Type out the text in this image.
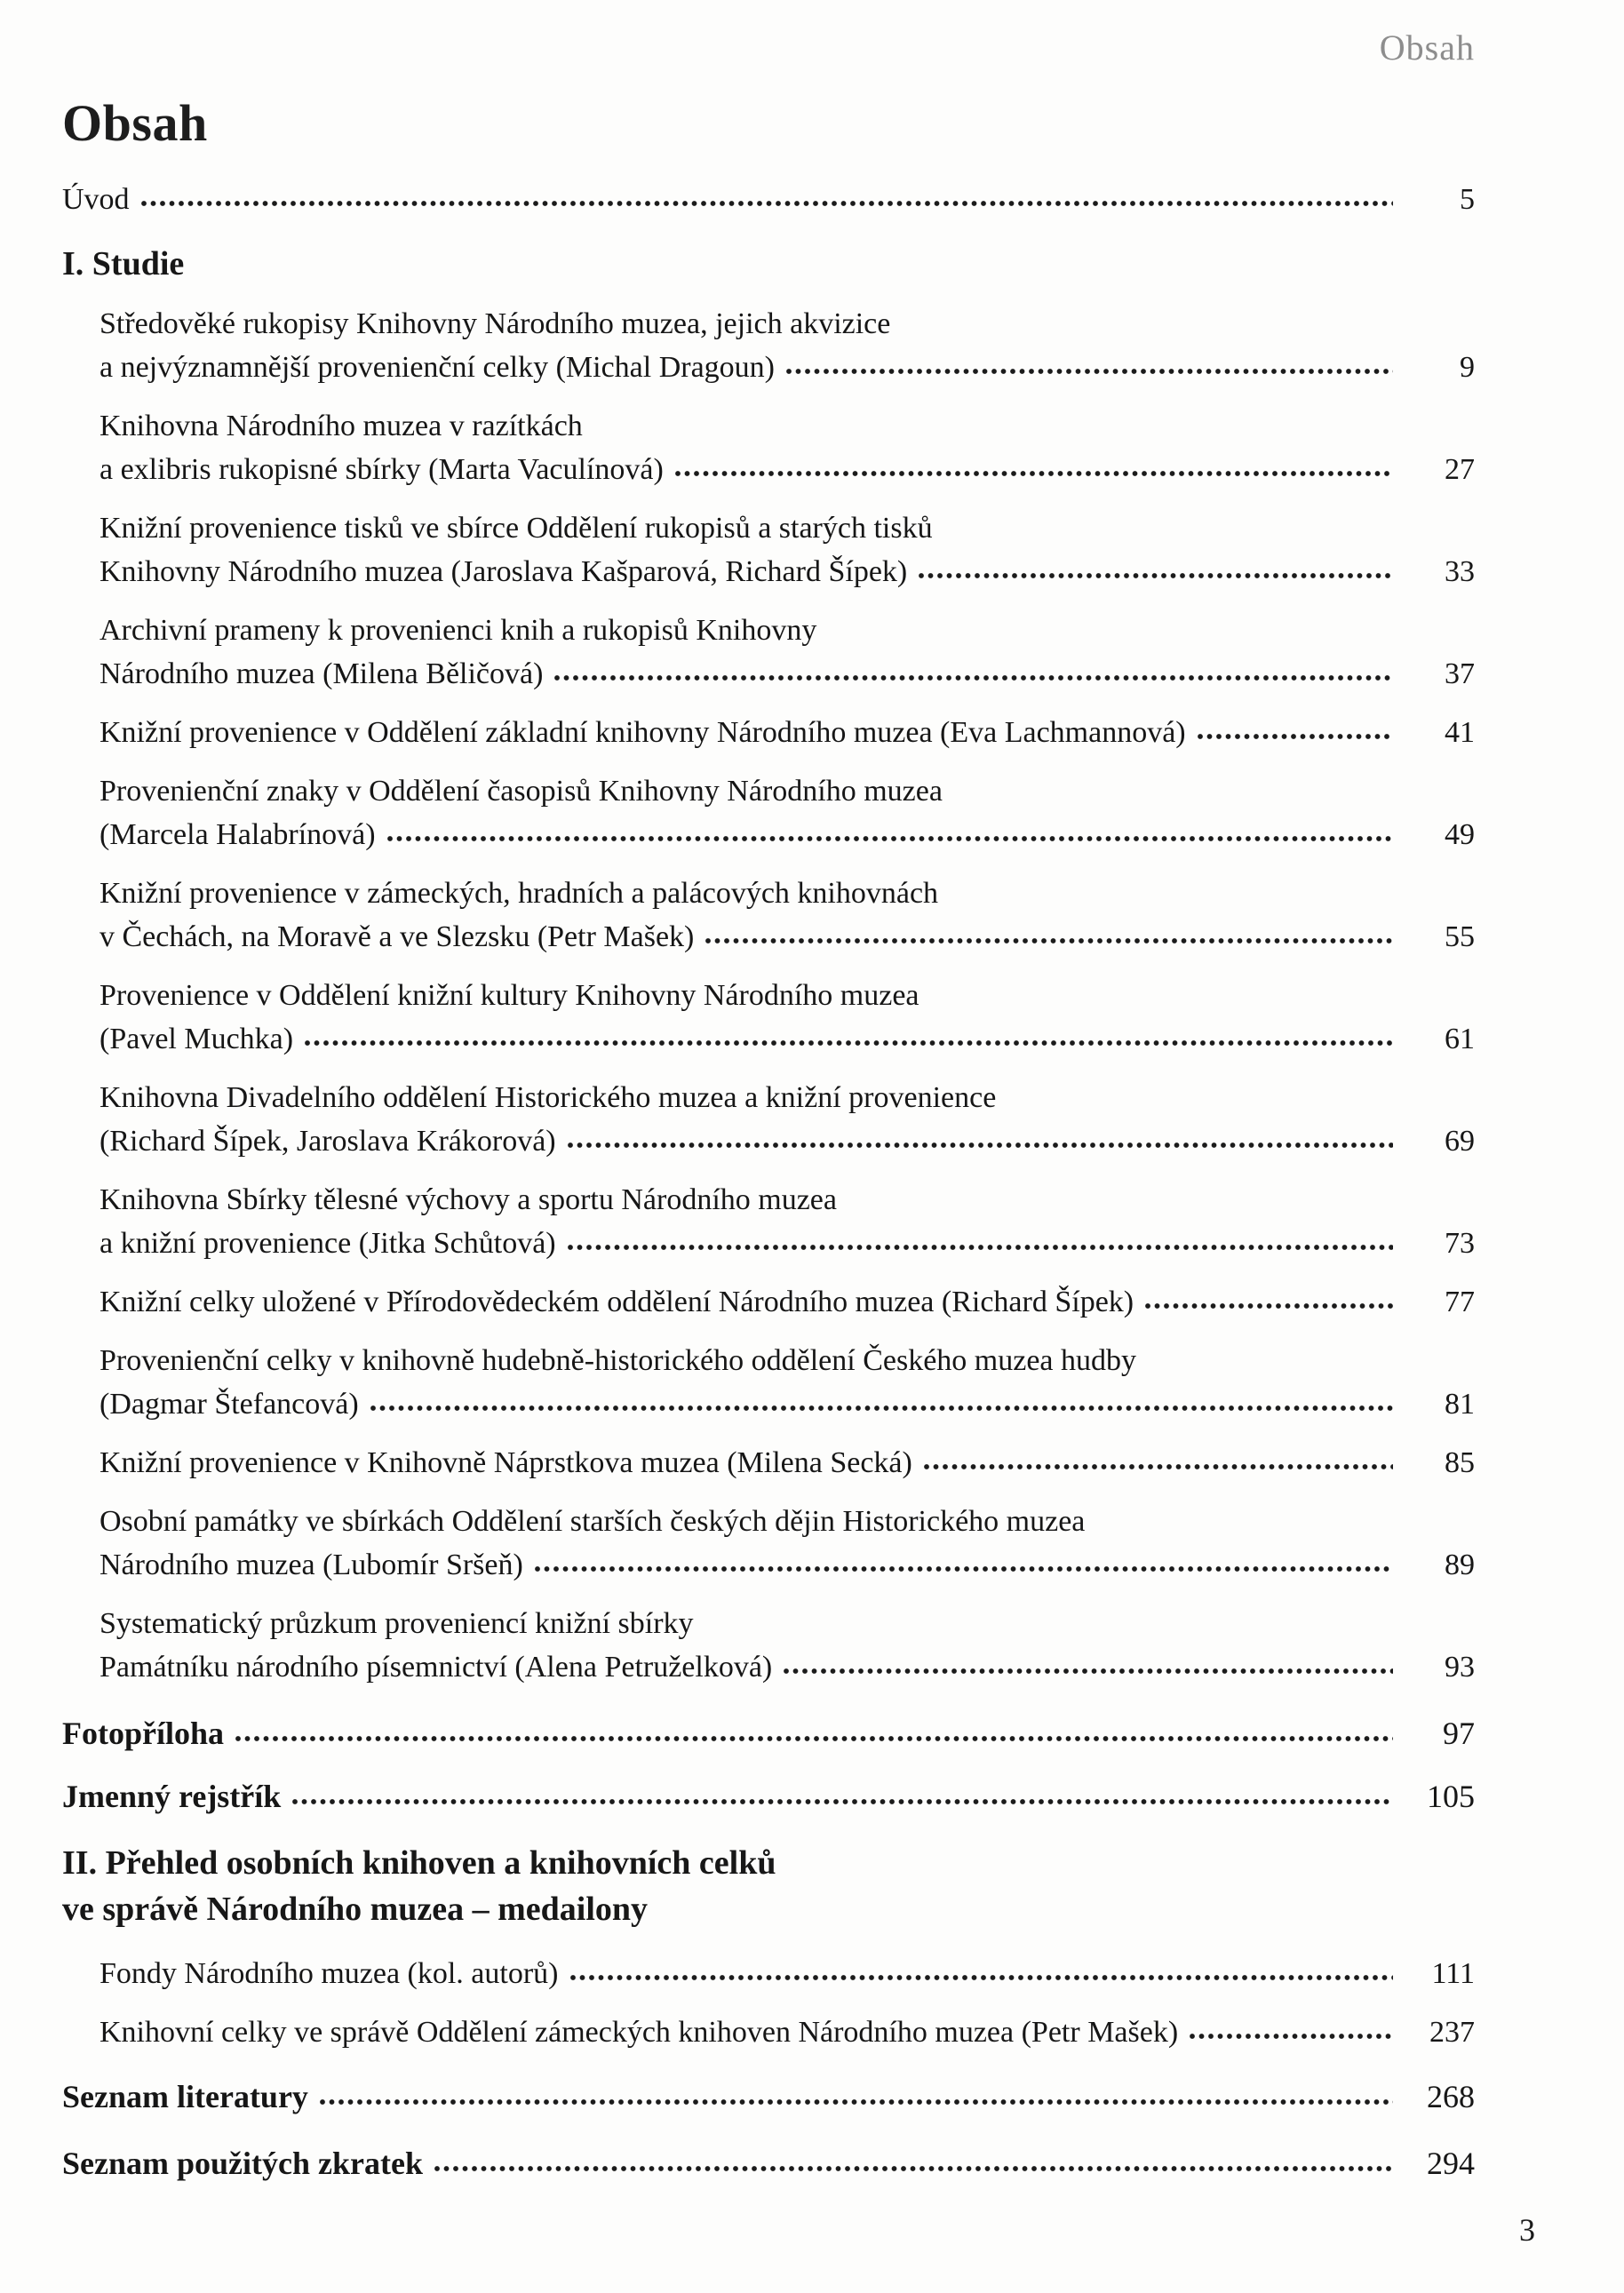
Obsah
Obsah
Úvod	5
I. Studie
Středověké rukopisy Knihovny Národního muzea, jejich akvizice
a nejvýznamnější provenienční celky (Michal Dragoun)	9
Knihovna Národního muzea v razítkách
a exlibris rukopisné sbírky (Marta Vaculínová)	27
Knižní provenience tisků ve sbírce Oddělení rukopisů a starých tisků
Knihovny Národního muzea (Jaroslava Kašparová, Richard Šípek)	33
Archivní prameny k provenienci knih a rukopisů Knihovny
Národního muzea (Milena Běličová)	37
Knižní provenience v Oddělení základní knihovny Národního muzea (Eva Lachmannová)	41
Provenienční znaky v Oddělení časopisů Knihovny Národního muzea
(Marcela Halabrínová)	49
Knižní provenience v zámeckých, hradních a palácových knihovnách
v Čechách, na Moravě a ve Slezsku (Petr Mašek)	55
Provenience v Oddělení knižní kultury Knihovny Národního muzea
(Pavel Muchka)	61
Knihovna Divadelního oddělení Historického muzea a knižní provenience
(Richard Šípek, Jaroslava Krákorová)	69
Knihovna Sbírky tělesné výchovy a sportu Národního muzea
a knižní provenience (Jitka Schůtová)	73
Knižní celky uložené v Přírodovědeckém oddělení Národního muzea (Richard Šípek)	77
Provenienční celky v knihovně hudebně-historického oddělení Českého muzea hudby
(Dagmar Štefancová)	81
Knižní provenience v Knihovně Náprstkova muzea (Milena Secká)	85
Osobní památky ve sbírkách Oddělení starších českých dějin Historického muzea
Národního muzea (Lubomír Sršeň)	89
Systematický průzkum proveniencí knižní sbírky
Památníku národního písemnictví (Alena Petruželková)	93
Fotopříloha	97
Jmenný rejstřík	105
II. Přehled osobních knihoven a knihovních celků
ve správě Národního muzea – medailony
Fondy Národního muzea (kol. autorů)	111
Knihovní celky ve správě Oddělení zámeckých knihoven Národního muzea (Petr Mašek)	237
Seznam literatury	268
Seznam použitých zkratek	294
3
